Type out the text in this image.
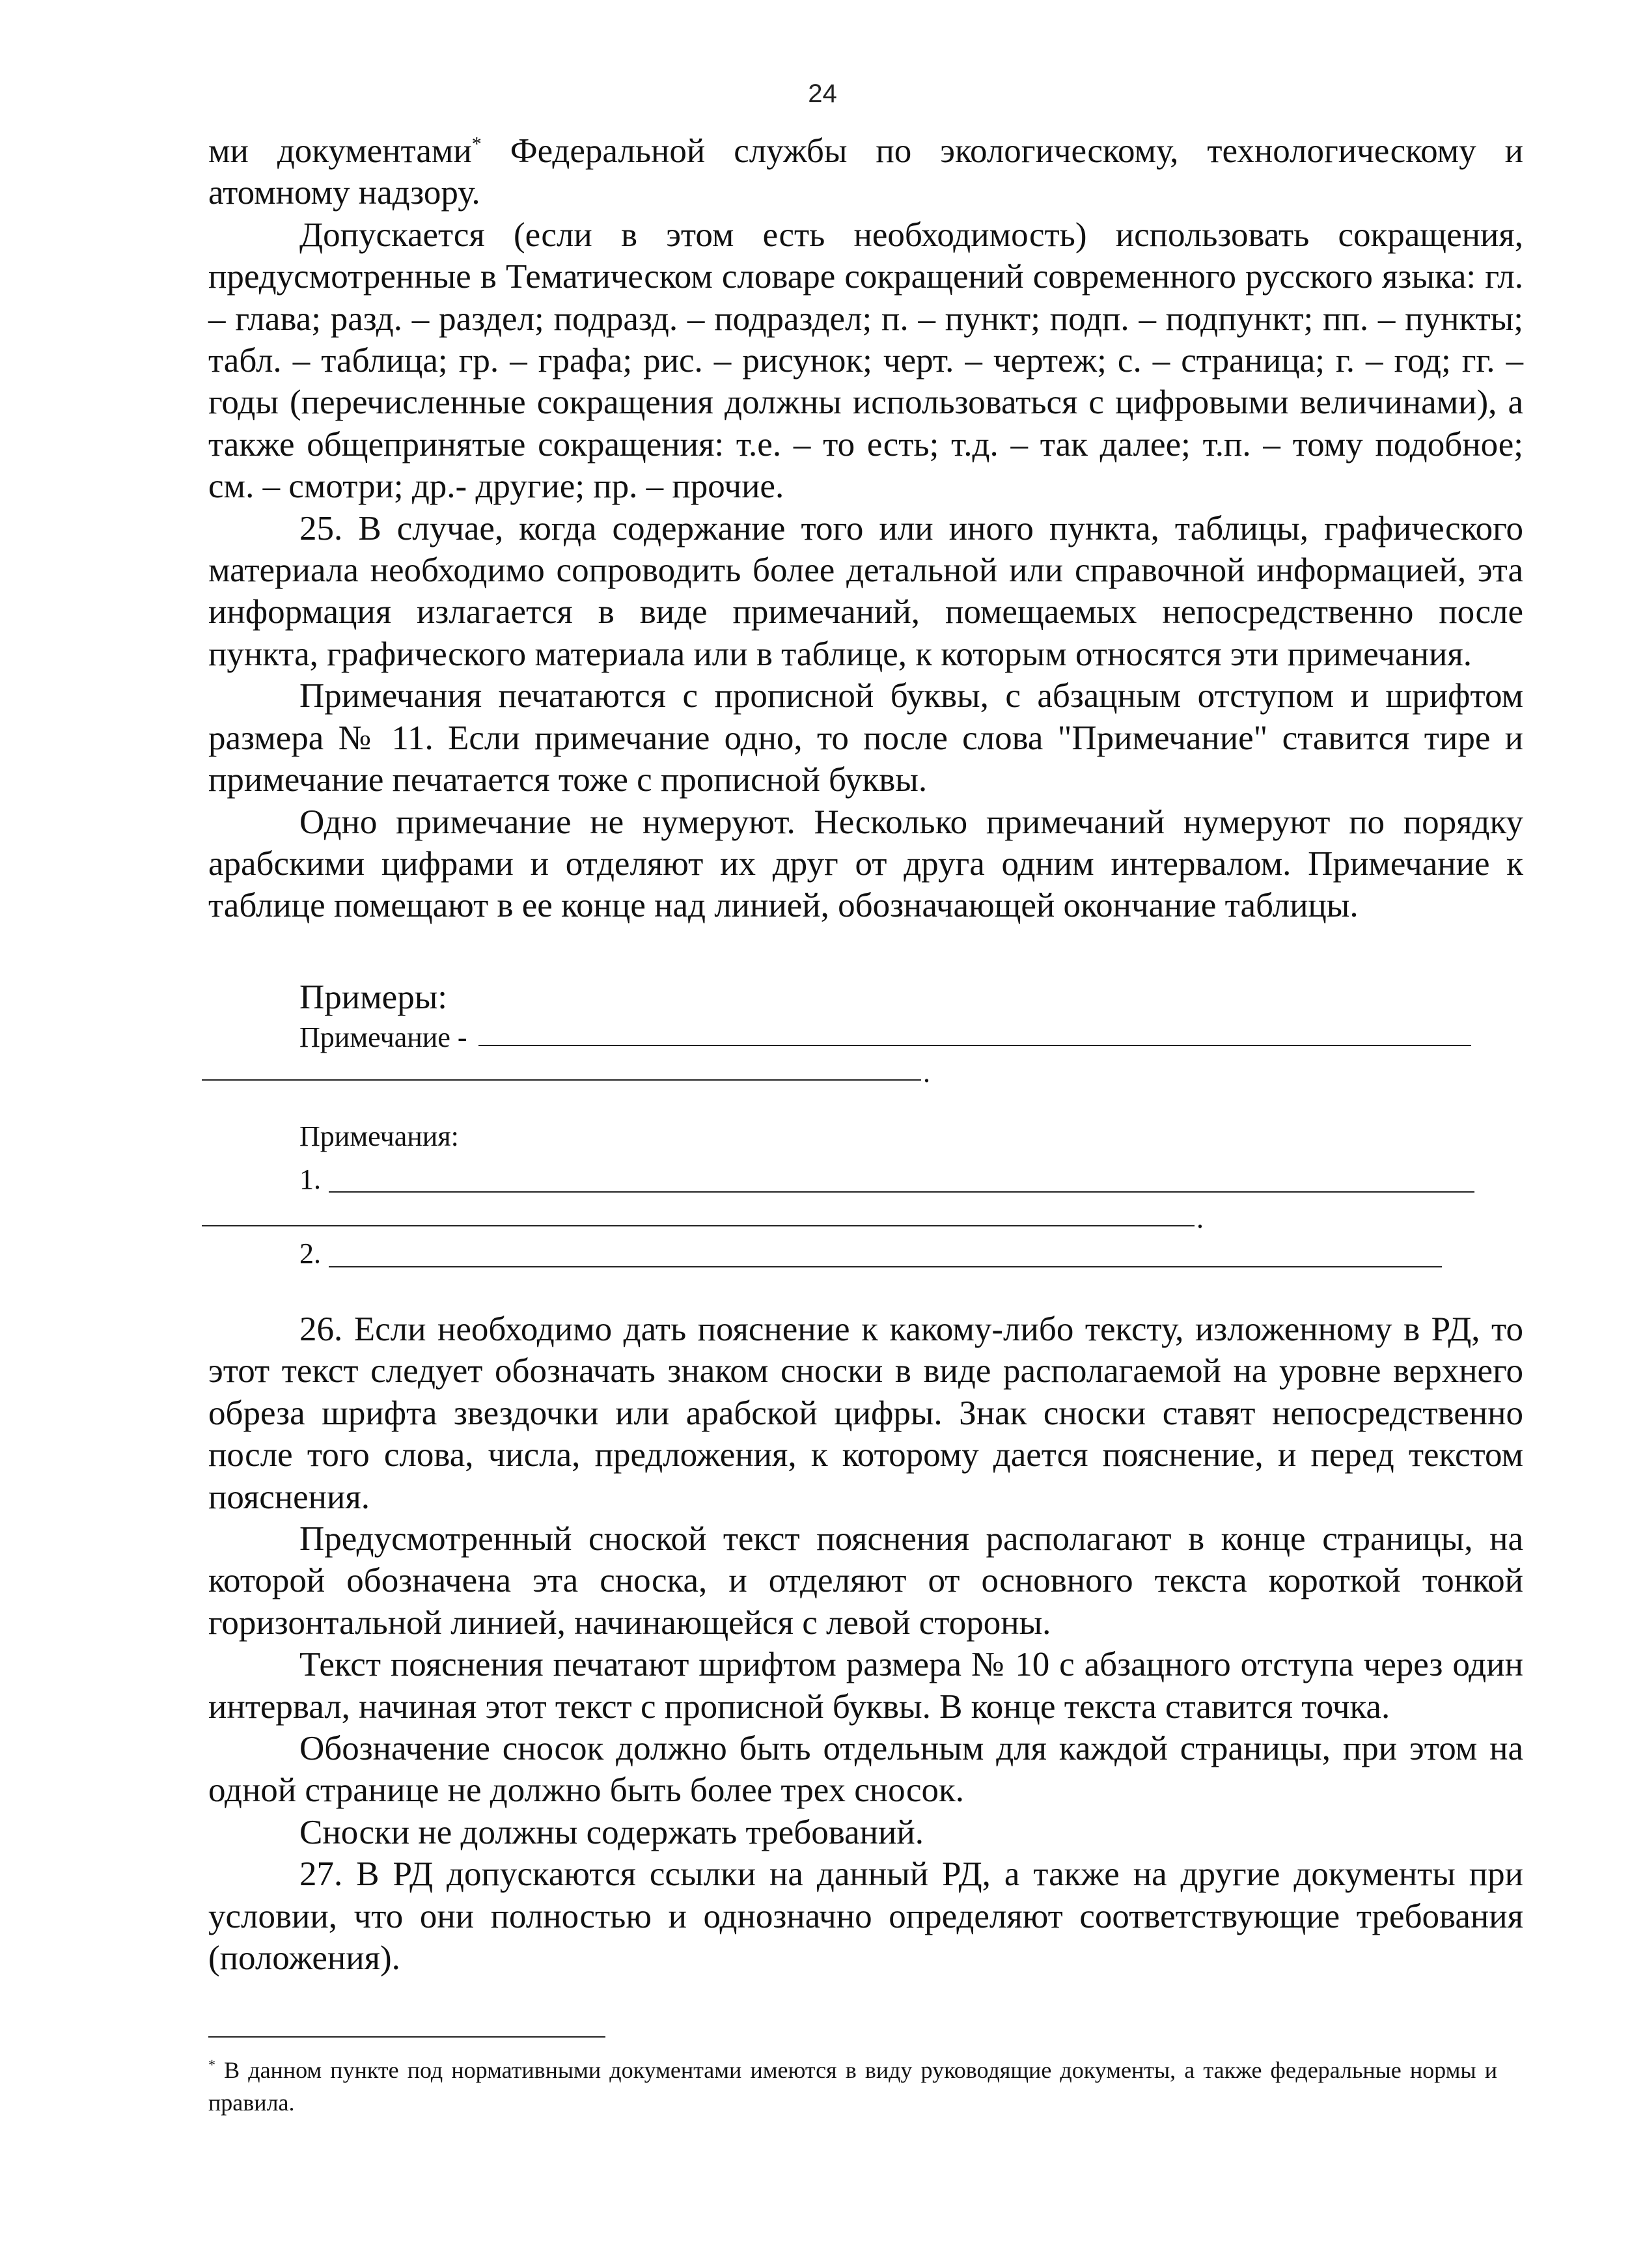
24

ми документами* Федеральной службы по экологическому, технологическому и атомному надзору.

Допускается (если в этом есть необходимость) использовать сокращения, предусмотренные в Тематическом словаре сокращений современного русского языка: гл. – глава; разд. – раздел; подразд. – подраздел; п. – пункт; подп. – подпункт; пп. – пункты; табл. – таблица; гр. – графа; рис. – рисунок; черт. – чертеж; с. – страница; г. – год; гг. – годы (перечисленные сокращения должны использоваться с цифровыми величинами), а также общепринятые сокращения: т.е. – то есть; т.д. – так далее; т.п. – тому подобное; см. – смотри; др.- другие; пр. – прочие.

25. В случае, когда содержание того или иного пункта, таблицы, графического материала необходимо сопроводить более детальной или справочной информацией, эта информация излагается в виде примечаний, помещаемых непосредственно после пункта, графического материала или в таблице, к которым относятся эти примечания.

Примечания печатаются с прописной буквы, с абзацным отступом и шрифтом размера № 11. Если примечание одно, то после слова "Примечание" ставится тире и примечание печатается тоже с прописной буквы.

Одно примечание не нумеруют. Несколько примечаний нумеруют по порядку арабскими цифрами и отделяют их друг от друга одним интервалом. Примечание к таблице помещают в ее конце над линией, обозначающей окончание таблицы.

Примеры:
Примечание -
.
Примечания:
1.
.
2.

26. Если необходимо дать пояснение к какому-либо тексту, изложенному в РД, то этот текст следует обозначать знаком сноски в виде располагаемой на уровне верхнего обреза шрифта звездочки или арабской цифры. Знак сноски ставят непосредственно после того слова, числа, предложения, к которому дается пояснение, и перед текстом пояснения.

Предусмотренный сноской текст пояснения располагают в конце страницы, на которой обозначена эта сноска, и отделяют от основного текста короткой тонкой горизонтальной линией, начинающейся с левой стороны.

Текст пояснения печатают шрифтом размера № 10 с абзацного отступа через один интервал, начиная этот текст с прописной буквы. В конце текста ставится точка.

Обозначение сносок должно быть отдельным для каждой страницы, при этом на одной странице не должно быть более трех сносок.

Сноски не должны содержать требований.

27. В РД допускаются ссылки на данный РД, а также на другие документы при условии, что они полностью и однозначно определяют соответствующие требования (положения).

* В данном пункте под нормативными документами имеются в виду руководящие документы, а также федеральные нормы и правила.
